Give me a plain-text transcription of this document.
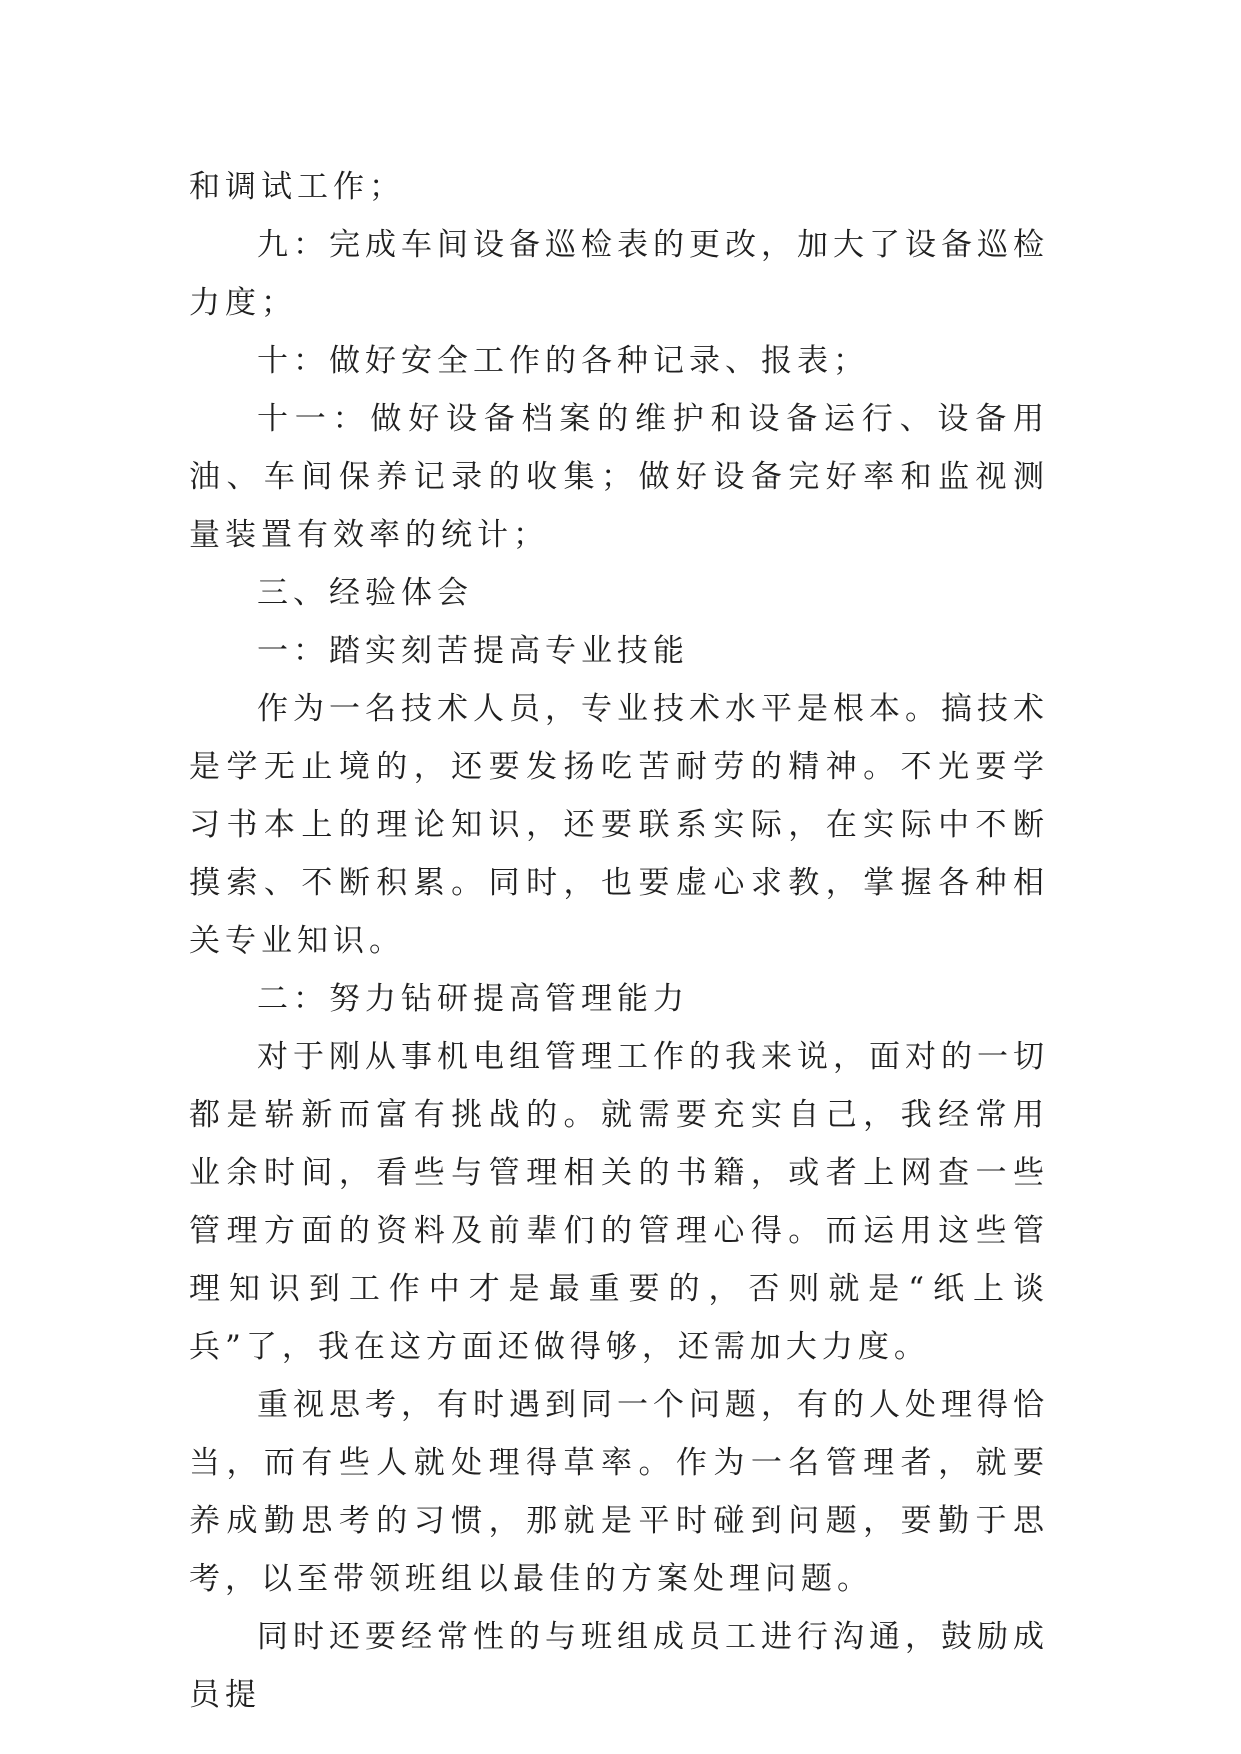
和调试工作；

九：完成车间设备巡检表的更改，加大了设备巡检力度；

十：做好安全工作的各种记录、报表；

十一：做好设备档案的维护和设备运行、设备用油、车间保养记录的收集；做好设备完好率和监视测量装置有效率的统计；

三、经验体会

一：踏实刻苦提高专业技能

作为一名技术人员，专业技术水平是根本。搞技术是学无止境的，还要发扬吃苦耐劳的精神。不光要学习书本上的理论知识，还要联系实际，在实际中不断摸索、不断积累。同时，也要虚心求教，掌握各种相关专业知识。

二：努力钻研提高管理能力

对于刚从事机电组管理工作的我来说，面对的一切都是崭新而富有挑战的。就需要充实自己，我经常用业余时间，看些与管理相关的书籍，或者上网查一些管理方面的资料及前辈们的管理心得。而运用这些管理知识到工作中才是最重要的，否则就是“纸上谈兵”了，我在这方面还做得够，还需加大力度。

重视思考，有时遇到同一个问题，有的人处理得恰当，而有些人就处理得草率。作为一名管理者，就要养成勤思考的习惯，那就是平时碰到问题，要勤于思考，以至带领班组以最佳的方案处理问题。

同时还要经常性的与班组成员工进行沟通，鼓励成员提
